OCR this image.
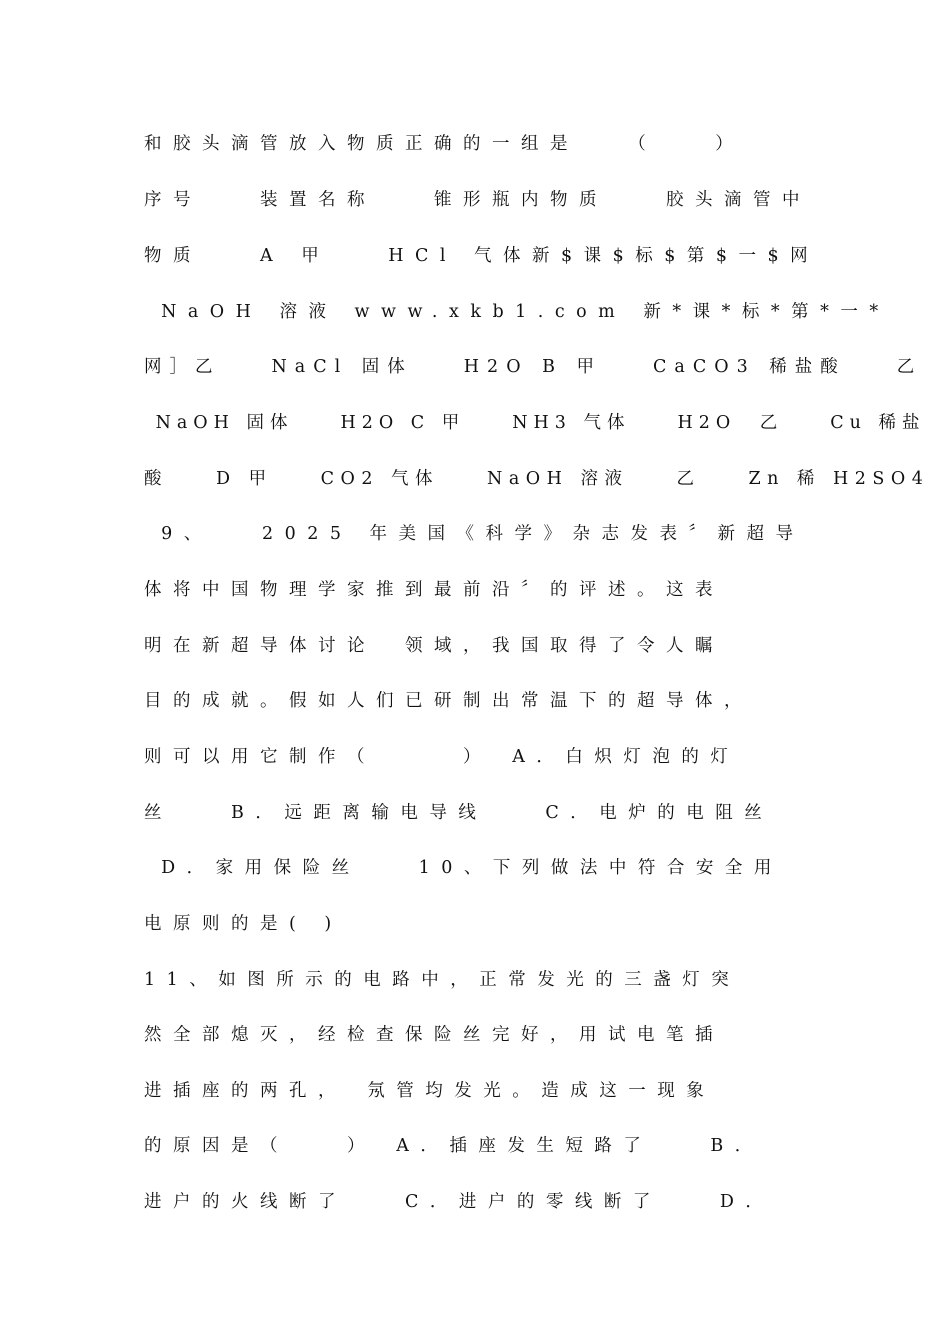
和胶头滴管放入物质正确的一组是　　（　　）
序号　　装置名称　　锥形瓶内物质　　胶头滴管中
物质　　A 甲　　HCl 气体新$课$标$第$一$网
NaOH 溶液 www.xkb1.com 新*课*标*第*一*
网］乙　　NaCl 固体　　H2O B 甲　　CaCO3 稀盐酸　　乙
NaOH 固体　　H2O C 甲　　NH3 气体　　H2O　乙　　Cu 稀盐
酸　　D 甲　　CO2 气体　　NaOH 溶液　　乙　　Zn 稀 H2SO4
9、　　2025 年美国《科学》杂志发表〞新超导
体将中国物理学家推到最前沿〞的评述。这表
明在新超导体讨论　领域，我国取得了令人瞩
目的成就。假如人们已研制出常温下的超导体，
则可以用它制作（　　　）　A．白炽灯泡的灯
丝　　B．远距离输电导线　　C．电炉的电阻丝
D．家用保险丝　　10、下列做法中符合安全用
电原则的是( )
11、如图所示的电路中，正常发光的三盏灯突
然全部熄灭，经检查保险丝完好，用试电笔插
进插座的两孔，　氖管均发光。造成这一现象
的原因是（　　）　A．插座发生短路了　　B．
进户的火线断了　　C．进户的零线断了　　D．
